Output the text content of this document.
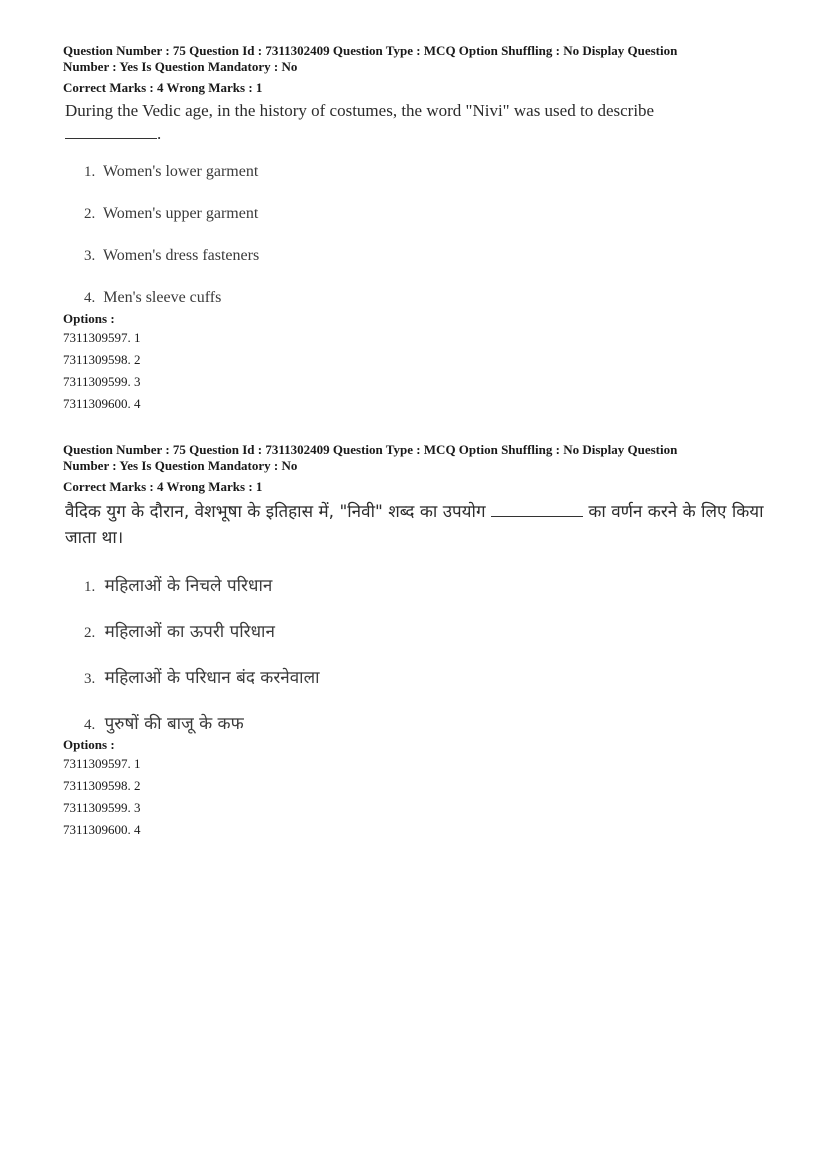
Question Number : 75 Question Id : 7311302409 Question Type : MCQ Option Shuffling : No Display Question

Number : Yes Is Question Mandatory : No

Correct Marks : 4 Wrong Marks : 1
During the Vedic age, in the history of costumes, the word "Nivi" was used to describe
.
1. Women's lower garment
2. Women's upper garment
3. Women's dress fasteners
4. Men's sleeve cuffs
Options :
7311309597. 1
7311309598. 2
7311309599. 3
7311309600. 4

Question Number : 75 Question Id : 7311302409 Question Type : MCQ Option Shuffling : No Display Question

Number : Yes Is Question Mandatory : No

Correct Marks : 4 Wrong Marks : 1
वैदिक युग के दौरान, वेशभूषा के इतिहास में, "निवी" शब्द का उपयोग	का वर्णन करने के लिए किया जाता था।
1. महिलाओं के निचले परिधान
2. महिलाओं का ऊपरी परिधान
3. महिलाओं के परिधान बंद करनेवाला
4. पुरुषों की बाजू के कफ
Options :
7311309597. 1
7311309598. 2
7311309599. 3
7311309600. 4
